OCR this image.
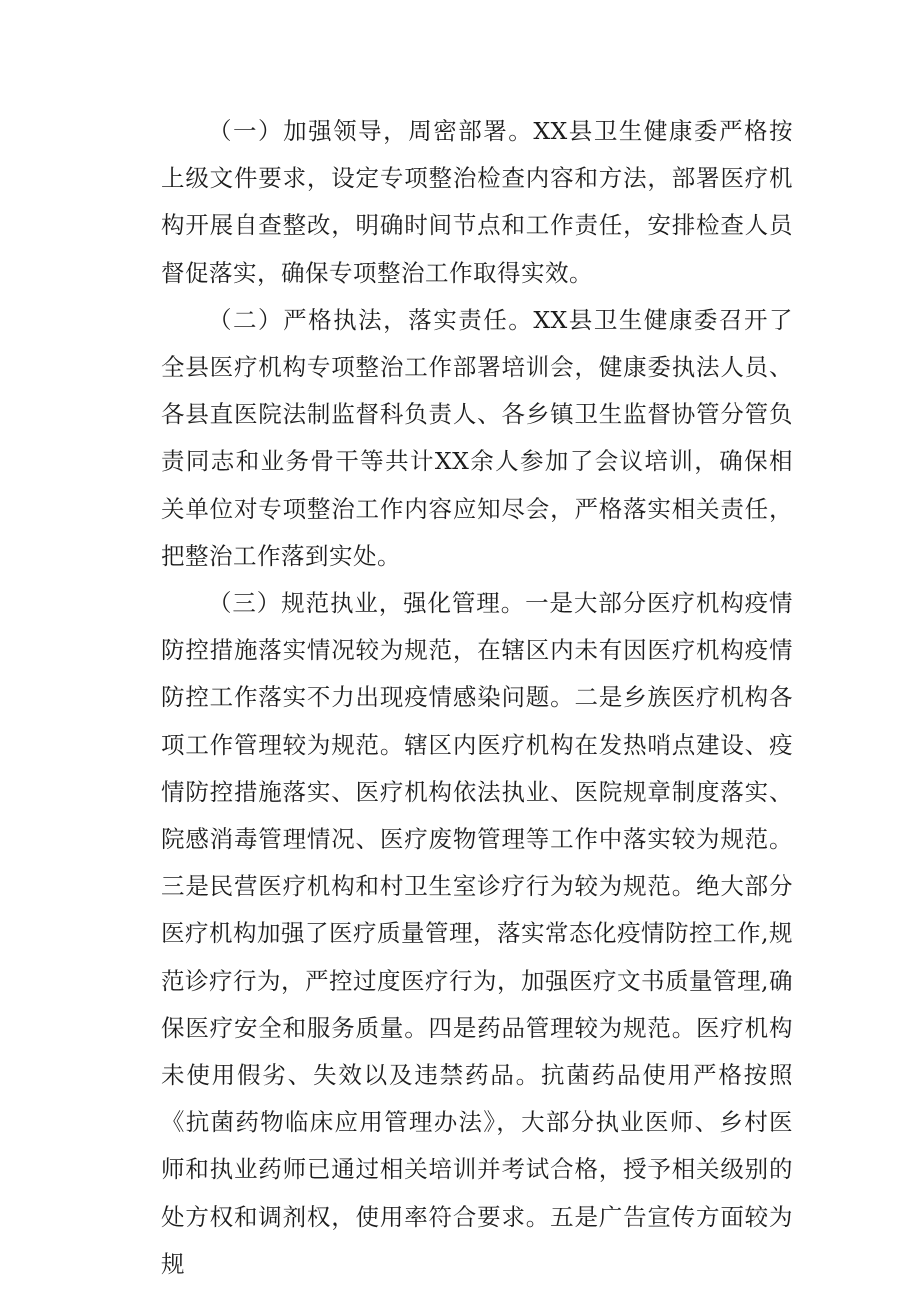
（一）加强领导，周密部署。XX县卫生健康委严格按上级文件要求，设定专项整治检查内容和方法，部署医疗机构开展自查整改，明确时间节点和工作责任，安排检查人员督促落实，确保专项整治工作取得实效。

（二）严格执法，落实责任。XX县卫生健康委召开了全县医疗机构专项整治工作部署培训会，健康委执法人员、各县直医院法制监督科负责人、各乡镇卫生监督协管分管负责同志和业务骨干等共计XX余人参加了会议培训，确保相关单位对专项整治工作内容应知尽会，严格落实相关责任，把整治工作落到实处。

（三）规范执业，强化管理。一是大部分医疗机构疫情防控措施落实情况较为规范，在辖区内未有因医疗机构疫情防控工作落实不力出现疫情感染问题。二是乡族医疗机构各项工作管理较为规范。辖区内医疗机构在发热哨点建设、疫情防控措施落实、医疗机构依法执业、医院规章制度落实、院感消毒管理情况、医疗废物管理等工作中落实较为规范。三是民营医疗机构和村卫生室诊疗行为较为规范。绝大部分医疗机构加强了医疗质量管理，落实常态化疫情防控工作,规范诊疗行为，严控过度医疗行为，加强医疗文书质量管理,确保医疗安全和服务质量。四是药品管理较为规范。医疗机构未使用假劣、失效以及违禁药品。抗菌药品使用严格按照《抗菌药物临床应用管理办法》，大部分执业医师、乡村医师和执业药师已通过相关培训并考试合格，授予相关级别的处方权和调剂权，使用率符合要求。五是广告宣传方面较为规
